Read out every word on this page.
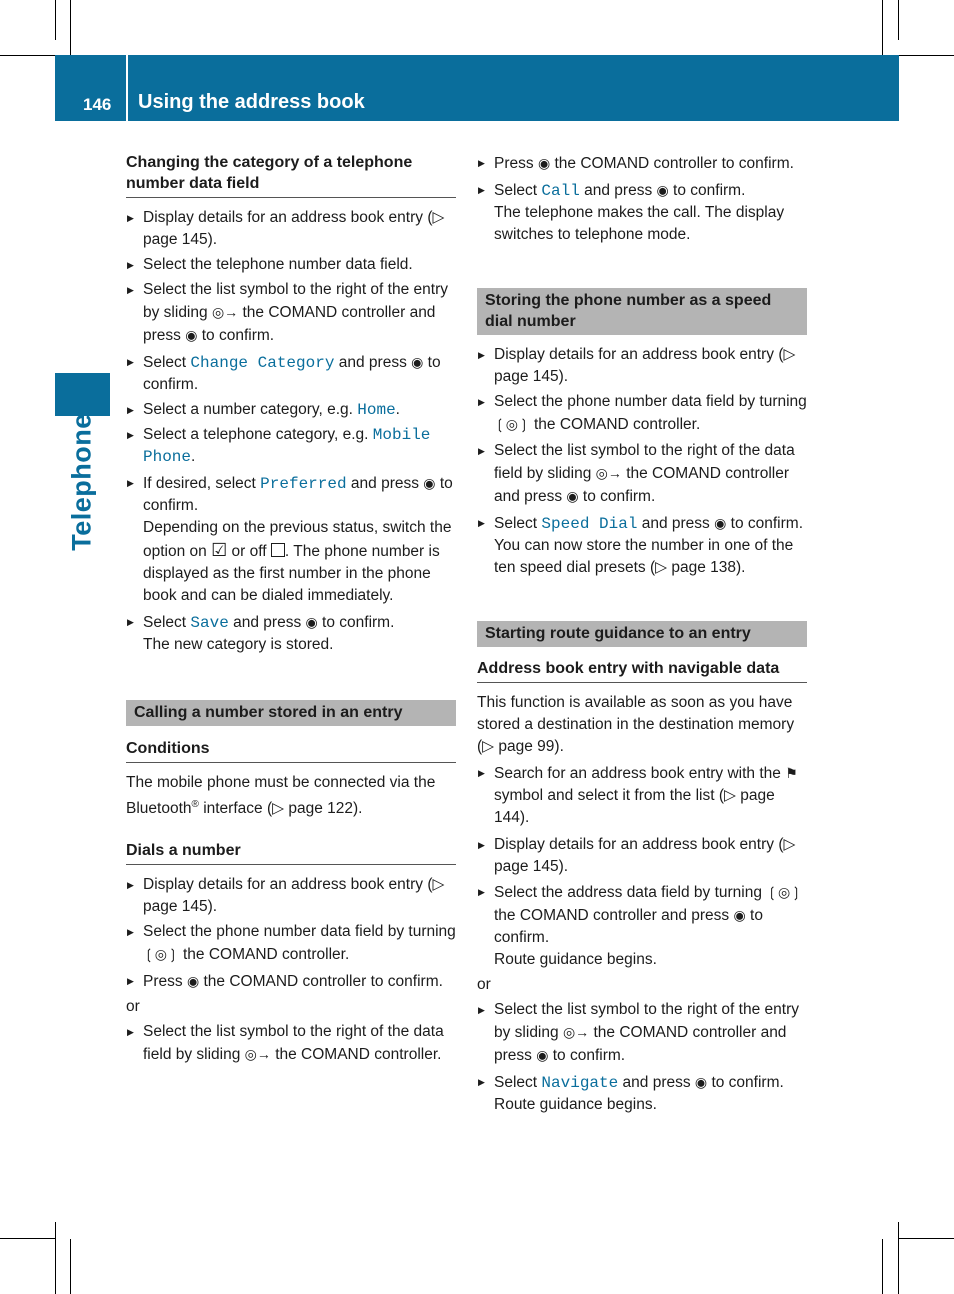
146 Using the address book
Telephone
Changing the category of a telephone number data field
▶ Display details for an address book entry (▷ page 145).
▶ Select the telephone number data field.
▶ Select the list symbol to the right of the entry by sliding ◎→ the COMAND controller and press ◉ to confirm.
▶ Select Change Category and press ◉ to confirm.
▶ Select a number category, e.g. Home.
▶ Select a telephone category, e.g. Mobile Phone.
▶ If desired, select Preferred and press ◉ to confirm.
Depending on the previous status, switch the option on ☑ or off . The phone number is displayed as the first number in the phone book and can be dialed immediately.
▶ Select Save and press ◉ to confirm.
The new category is stored.
Calling a number stored in an entry
Conditions
The mobile phone must be connected via the Bluetooth® interface (▷ page 122).
Dials a number
▶ Display details for an address book entry (▷ page 145).
▶ Select the phone number data field by turning ❲◎❳ the COMAND controller.
▶ Press ◉ the COMAND controller to confirm.
or
▶ Select the list symbol to the right of the data field by sliding ◎→ the COMAND controller.
▶ Press ◉ the COMAND controller to confirm.
▶ Select Call and press ◉ to confirm.
The telephone makes the call. The display switches to telephone mode.
Storing the phone number as a speed dial number
▶ Display details for an address book entry (▷ page 145).
▶ Select the phone number data field by turning ❲◎❳ the COMAND controller.
▶ Select the list symbol to the right of the data field by sliding ◎→ the COMAND controller and press ◉ to confirm.
▶ Select Speed Dial and press ◉ to confirm.
You can now store the number in one of the ten speed dial presets (▷ page 138).
Starting route guidance to an entry
Address book entry with navigable data
This function is available as soon as you have stored a destination in the destination memory (▷ page 99).
▶ Search for an address book entry with the ⚑ symbol and select it from the list (▷ page 144).
▶ Display details for an address book entry (▷ page 145).
▶ Select the address data field by turning ❲◎❳ the COMAND controller and press ◉ to confirm.
Route guidance begins.
or
▶ Select the list symbol to the right of the entry by sliding ◎→ the COMAND controller and press ◉ to confirm.
▶ Select Navigate and press ◉ to confirm.
Route guidance begins.
